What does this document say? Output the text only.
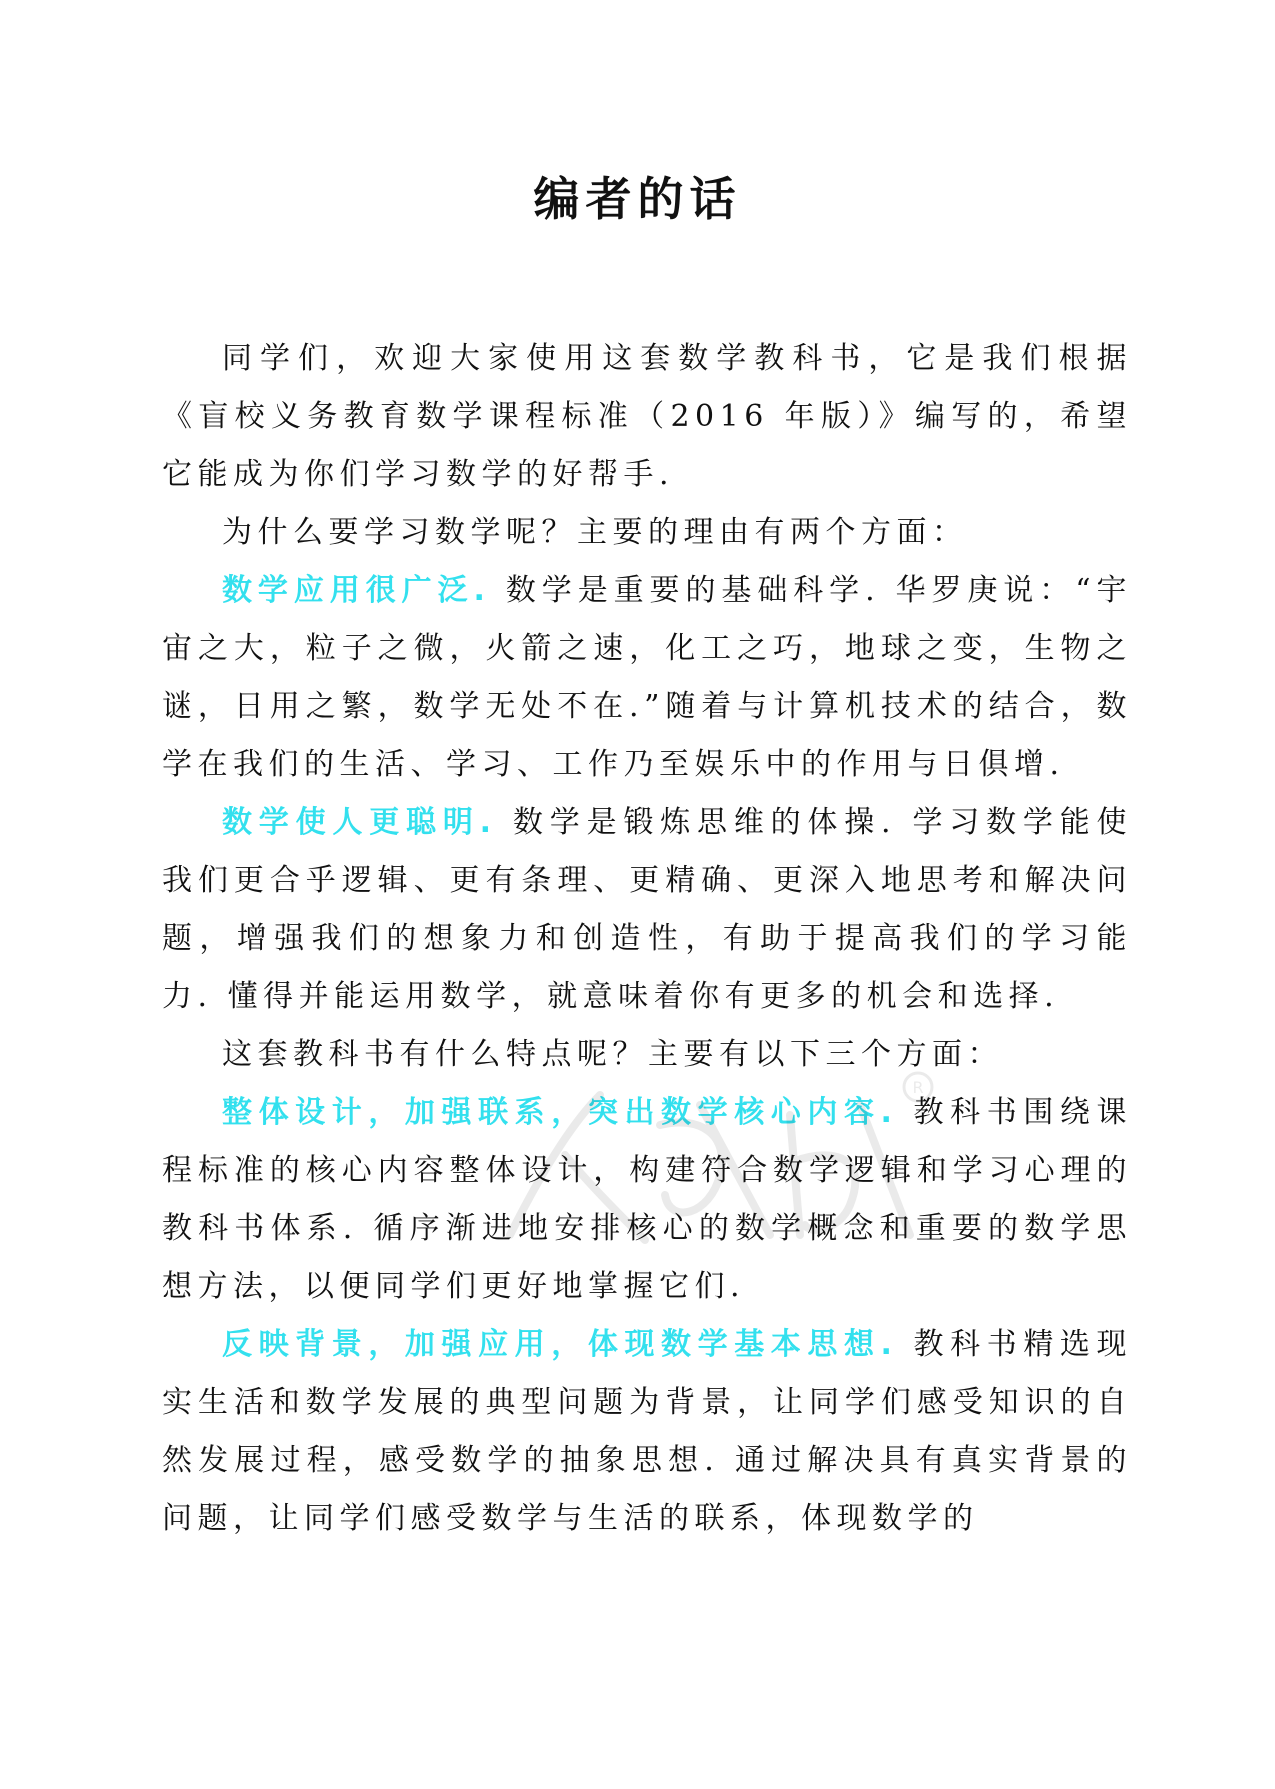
编者的话

同学们，欢迎大家使用这套数学教科书，它是我们根据《盲校义务教育数学课程标准（2016 年版）》编写的，希望它能成为你们学习数学的好帮手.

为什么要学习数学呢？主要的理由有两个方面：

数学应用很广泛. 数学是重要的基础科学. 华罗庚说：“宇宙之大，粒子之微，火箭之速，化工之巧，地球之变，生物之谜，日用之繁，数学无处不在.”随着与计算机技术的结合，数学在我们的生活、学习、工作乃至娱乐中的作用与日俱增.

数学使人更聪明. 数学是锻炼思维的体操. 学习数学能使我们更合乎逻辑、更有条理、更精确、更深入地思考和解决问题，增强我们的想象力和创造性，有助于提高我们的学习能力. 懂得并能运用数学，就意味着你有更多的机会和选择.

这套教科书有什么特点呢？主要有以下三个方面：

整体设计，加强联系，突出数学核心内容. 教科书围绕课程标准的核心内容整体设计，构建符合数学逻辑和学习心理的教科书体系. 循序渐进地安排核心的数学概念和重要的数学思想方法，以便同学们更好地掌握它们.

反映背景，加强应用，体现数学基本思想. 教科书精选现实生活和数学发展的典型问题为背景，让同学们感受知识的自然发展过程，感受数学的抽象思想. 通过解决具有真实背景的问题，让同学们感受数学与生活的联系，体现数学的

R
